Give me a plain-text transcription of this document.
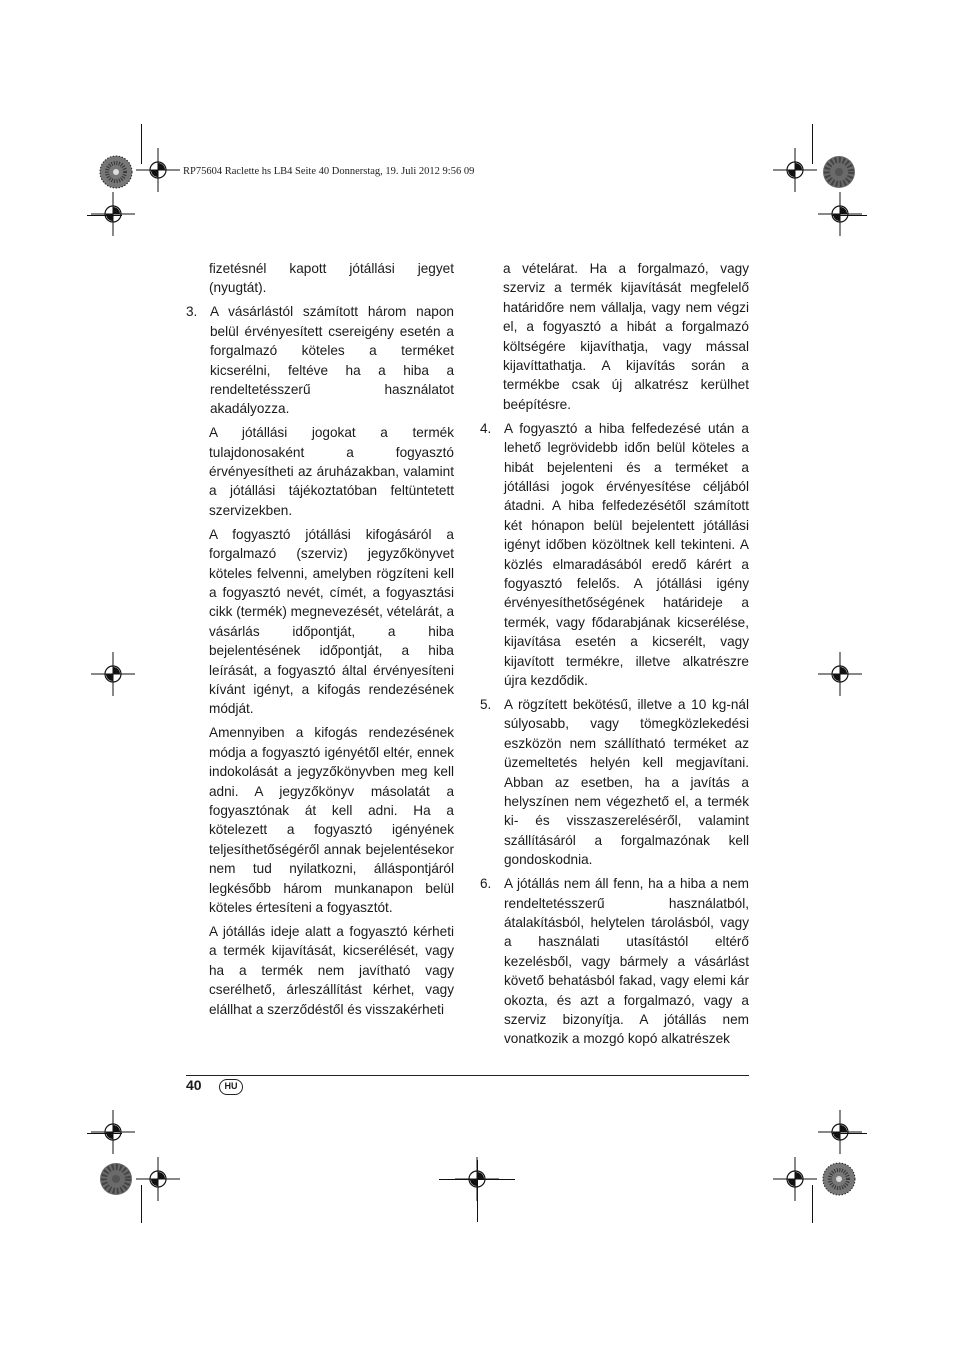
RP75604 Raclette hs LB4 Seite 40 Donnerstag, 19. Juli 2012 9:56 09

fizetésnél kapott jótállási jegyet (nyugtát).

3. A vásárlástól számított három napon belül érvényesített csereigény esetén a forgalmazó köteles a terméket kicserélni, feltéve ha a hiba a rendeltetésszerű használatot akadályozza.

A jótállási jogokat a termék tulajdonosaként a fogyasztó érvényesítheti az áruházakban, valamint a jótállási tájékoztatóban feltüntetett szervizekben.

A fogyasztó jótállási kifogásáról a forgalmazó (szerviz) jegyzőkönyvet köteles felvenni, amelyben rögzíteni kell a fogyasztó nevét, címét, a fogyasztási cikk (termék) megnevezését, vételárát, a vásárlás időpontját, a hiba bejelentésének időpontját, a hiba leírását, a fogyasztó által érvényesíteni kívánt igényt, a kifogás rendezésének módját.

Amennyiben a kifogás rendezésének módja a fogyasztó igényétől eltér, ennek indokolását a jegyzőkönyvben meg kell adni. A jegyzőkönyv másolatát a fogyasztónak át kell adni. Ha a kötelezett a fogyasztó igényének teljesíthetőségéről annak bejelentésekor nem tud nyilatkozni, álláspontjáról legkésőbb három munkanapon belül köteles értesíteni a fogyasztót.

A jótállás ideje alatt a fogyasztó kérheti a termék kijavítását, kicserélését, vagy ha a termék nem javítható vagy cserélhető, árleszállítást kérhet, vagy elállhat a szerződéstől és visszakérheti

a vételárat. Ha a forgalmazó, vagy szerviz a termék kijavítását megfelelő határidőre nem vállalja, vagy nem végzi el, a fogyasztó a hibát a forgalmazó költségére kijavíthatja, vagy mással kijavíttathatja. A kijavítás során a termékbe csak új alkatrész kerülhet beépítésre.

4. A fogyasztó a hiba felfedezésé után a lehető legrövidebb időn belül köteles a hibát bejelenteni és a terméket a jótállási jogok érvényesítése céljából átadni. A hiba felfedezésétől számított két hónapon belül bejelentett jótállási igényt időben közöltnek kell tekinteni. A közlés elmaradásából eredő kárért a fogyasztó felelős. A jótállási igény érvényesíthetőségének határideje a termék, vagy fődarabjának kicserélése, kijavítása esetén a kicserélt, vagy kijavított termékre, illetve alkatrészre újra kezdődik.
5. A rögzített bekötésű, illetve a 10 kg-nál súlyosabb, vagy tömegközlekedési eszközön nem szállítható terméket az üzemeltetés helyén kell megjavítani. Abban az esetben, ha a javítás a helyszínen nem végezhető el, a termék ki- és visszaszereléséről, valamint szállításáról a forgalmazónak kell gondoskodnia.
6. A jótállás nem áll fenn, ha a hiba a nem rendeltetésszerű használatból, átalakításból, helytelen tárolásból, vagy a használati utasítástól eltérő kezelésből, vagy bármely a vásárlást követő behatásból fakad, vagy elemi kár okozta, és azt a forgalmazó, vagy a szerviz bizonyítja. A jótállás nem vonatkozik a mozgó kopó alkatrészek
40	HU
